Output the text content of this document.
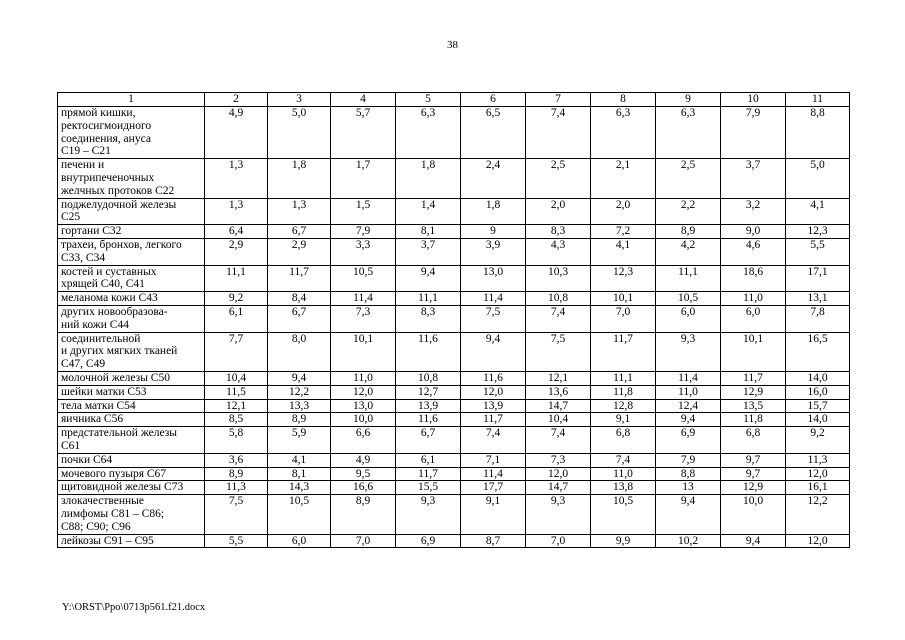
38
1	2	3	4	5	6	7	8	9	10	11

прямой кишки,
ректосигмоидного
соединения, ануса
C19 – C21	4,9	5,0	5,7	6,3	6,5	7,4	6,3	6,3	7,9	8,8

печени и
внутрипеченочных
желчных протоков C22	1,3	1,8	1,7	1,8	2,4	2,5	2,1	2,5	3,7	5,0

поджелудочной железы
C25	1,3	1,3	1,5	1,4	1,8	2,0	2,0	2,2	3,2	4,1

гортани C32	6,4	6,7	7,9	8,1	9	8,3	7,2	8,9	9,0	12,3

трахеи, бронхов, легкого
C33, C34	2,9	2,9	3,3	3,7	3,9	4,3	4,1	4,2	4,6	5,5

костей и суставных
хрящей C40, C41	11,1	11,7	10,5	9,4	13,0	10,3	12,3	11,1	18,6	17,1

меланома кожи C43	9,2	8,4	11,4	11,1	11,4	10,8	10,1	10,5	11,0	13,1

других новообразова-
ний кожи C44	6,1	6,7	7,3	8,3	7,5	7,4	7,0	6,0	6,0	7,8

соединительной
и других мягких тканей
C47, C49	7,7	8,0	10,1	11,6	9,4	7,5	11,7	9,3	10,1	16,5

молочной железы C50	10,4	9,4	11,0	10,8	11,6	12,1	11,1	11,4	11,7	14,0

шейки матки C53	11,5	12,2	12,0	12,7	12,0	13,6	11,8	11,0	12,9	16,0

тела матки C54	12,1	13,3	13,0	13,9	13,9	14,7	12,8	12,4	13,5	15,7

яичника C56	8,5	8,9	10,0	11,6	11,7	10,4	9,1	9,4	11,8	14,0

предстательной железы
C61	5,8	5,9	6,6	6,7	7,4	7,4	6,8	6,9	6,8	9,2

почки C64	3,6	4,1	4,9	6,1	7,1	7,3	7,4	7,9	9,7	11,3

мочевого пузыря C67	8,9	8,1	9,5	11,7	11,4	12,0	11,0	8,8	9,7	12,0

щитовидной железы C73	11,3	14,3	16,6	15,5	17,7	14,7	13,8	13	12,9	16,1

злокачественные
лимфомы C81 – C86;
C88; C90; C96	7,5	10,5	8,9	9,3	9,1	9,3	10,5	9,4	10,0	12,2

лейкозы C91 – C95	5,5	6,0	7,0	6,9	8,7	7,0	9,9	10,2	9,4	12,0
Y:\ORST\Ppo\0713p561.f21.docx
